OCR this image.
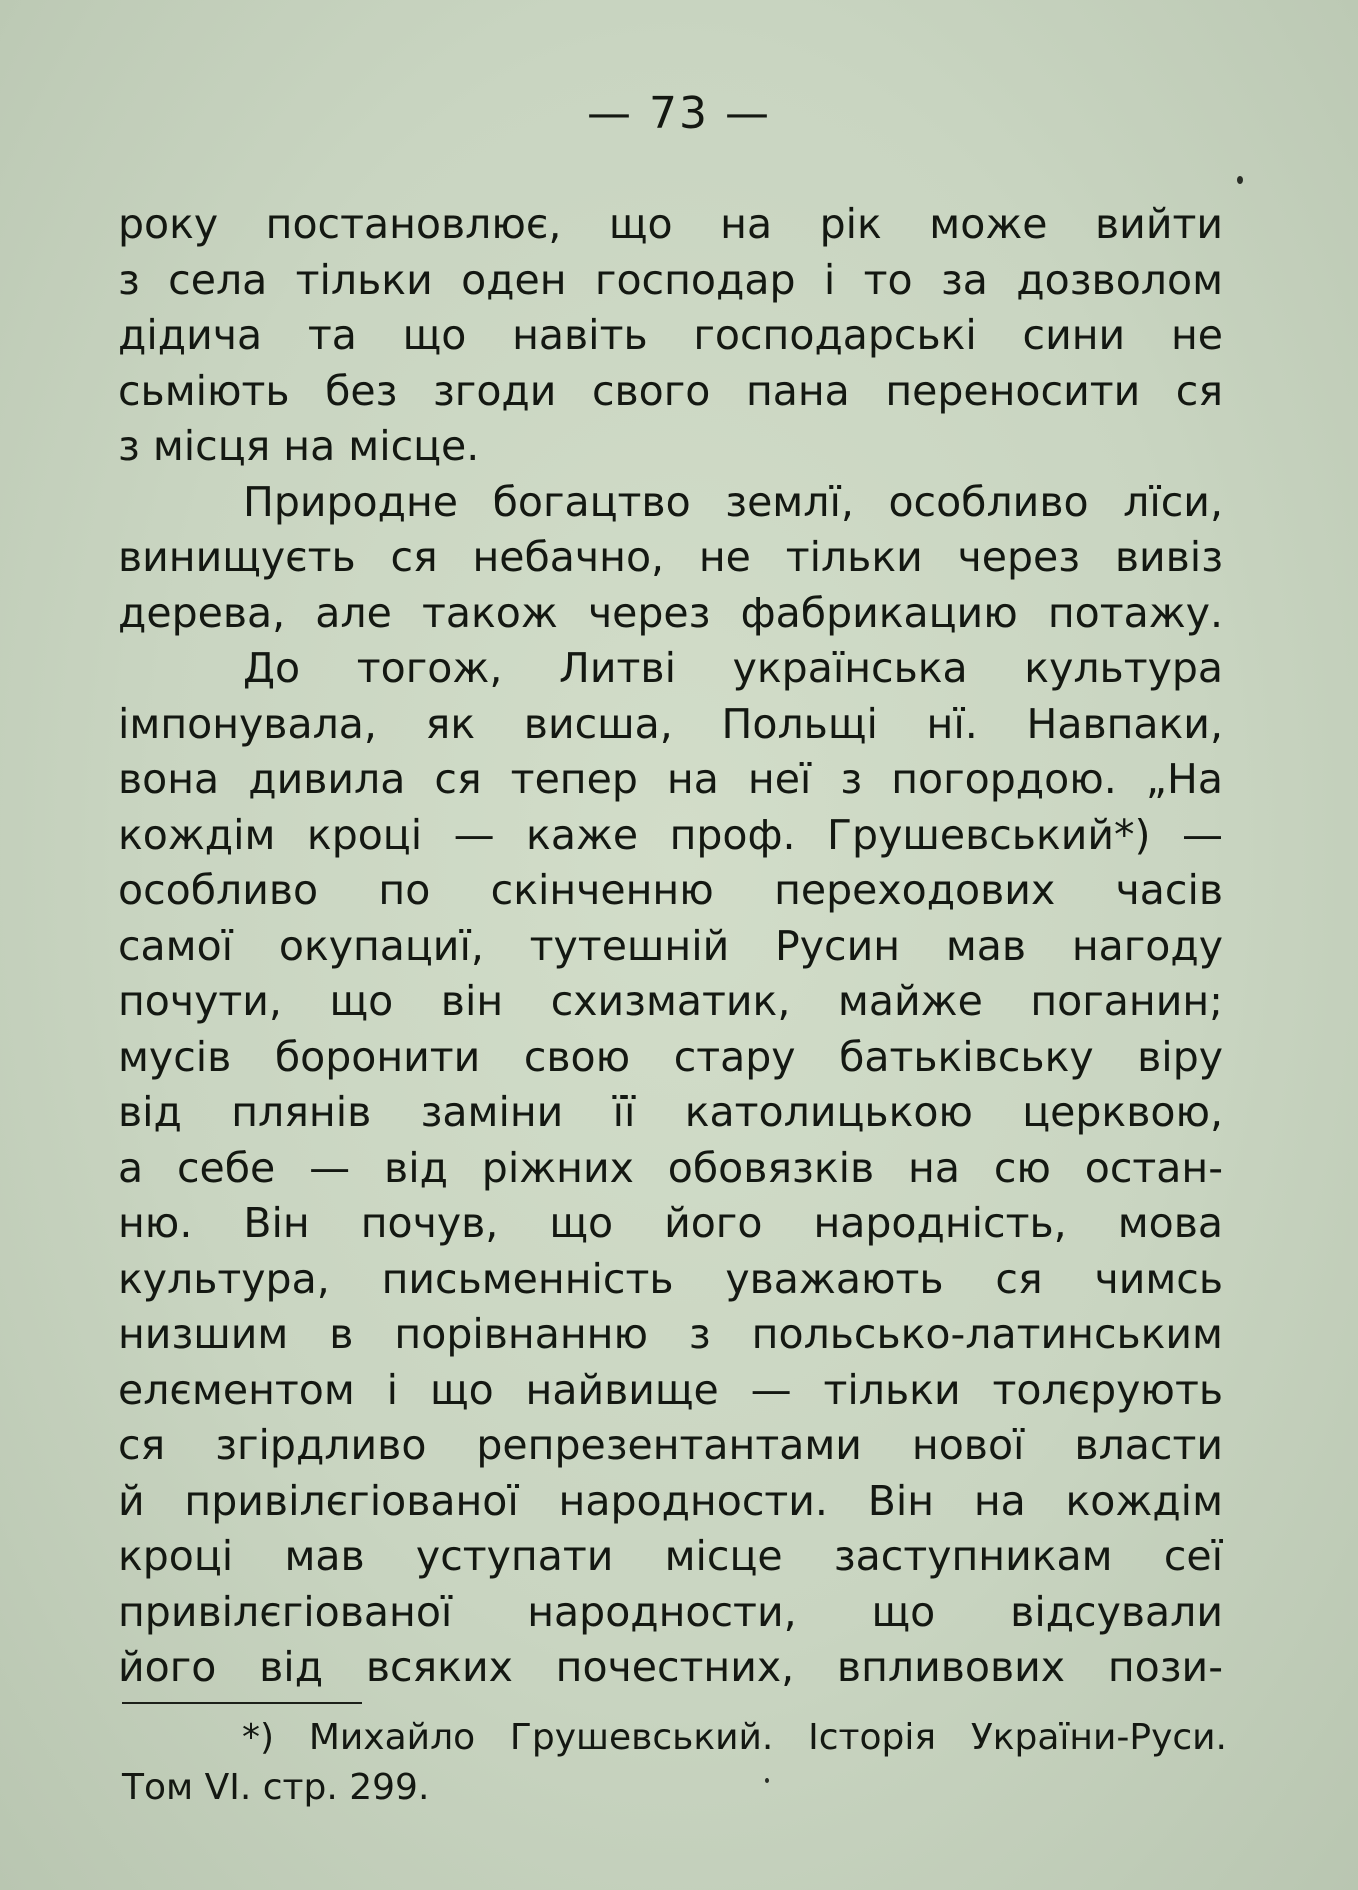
— 73 —
року постановлює, що на рік може вийти
з села тільки оден господар і то за дозволом
дідича та що навіть господарські сини не
сьміють без згоди свого пана переносити ся
з місця на місце.
Природне богацтво землї, особливо лїси,
винищуєть ся небачно, не тільки через вивіз
дерева, але також через фабрикацию потажу.
До тогож, Литві українська культура
імпонувала, як висша, Польщі нї. Навпаки,
вона дивила ся тепер на неї з погордою. „На
кождім кроці — каже проф. Грушевський*) —
особливо по скінченню переходових часів
самої окупациї, тутешній Русин мав нагоду
почути, що він схизматик, майже поганин;
мусів боронити свою стару батьківську віру
від плянів заміни її католицькою церквою,
а себе — від ріжних обовязків на сю остан-
ню. Він почув, що його народність, мова
культура, письменність уважають ся чимсь
низшим в порівнанню з польсько-латинським
елєментом і що найвище — тільки толєрують
ся згірдливо репрезентантами нової власти
й привілєгіованої народности. Він на кождім
кроці мав уступати місце заступникам сеї
привілєгіованої народности, що відсували
його від всяких почестних, впливових пози-
*) Михайло Грушевський. Історія України-Руси.
Том VI. стр. 299.
